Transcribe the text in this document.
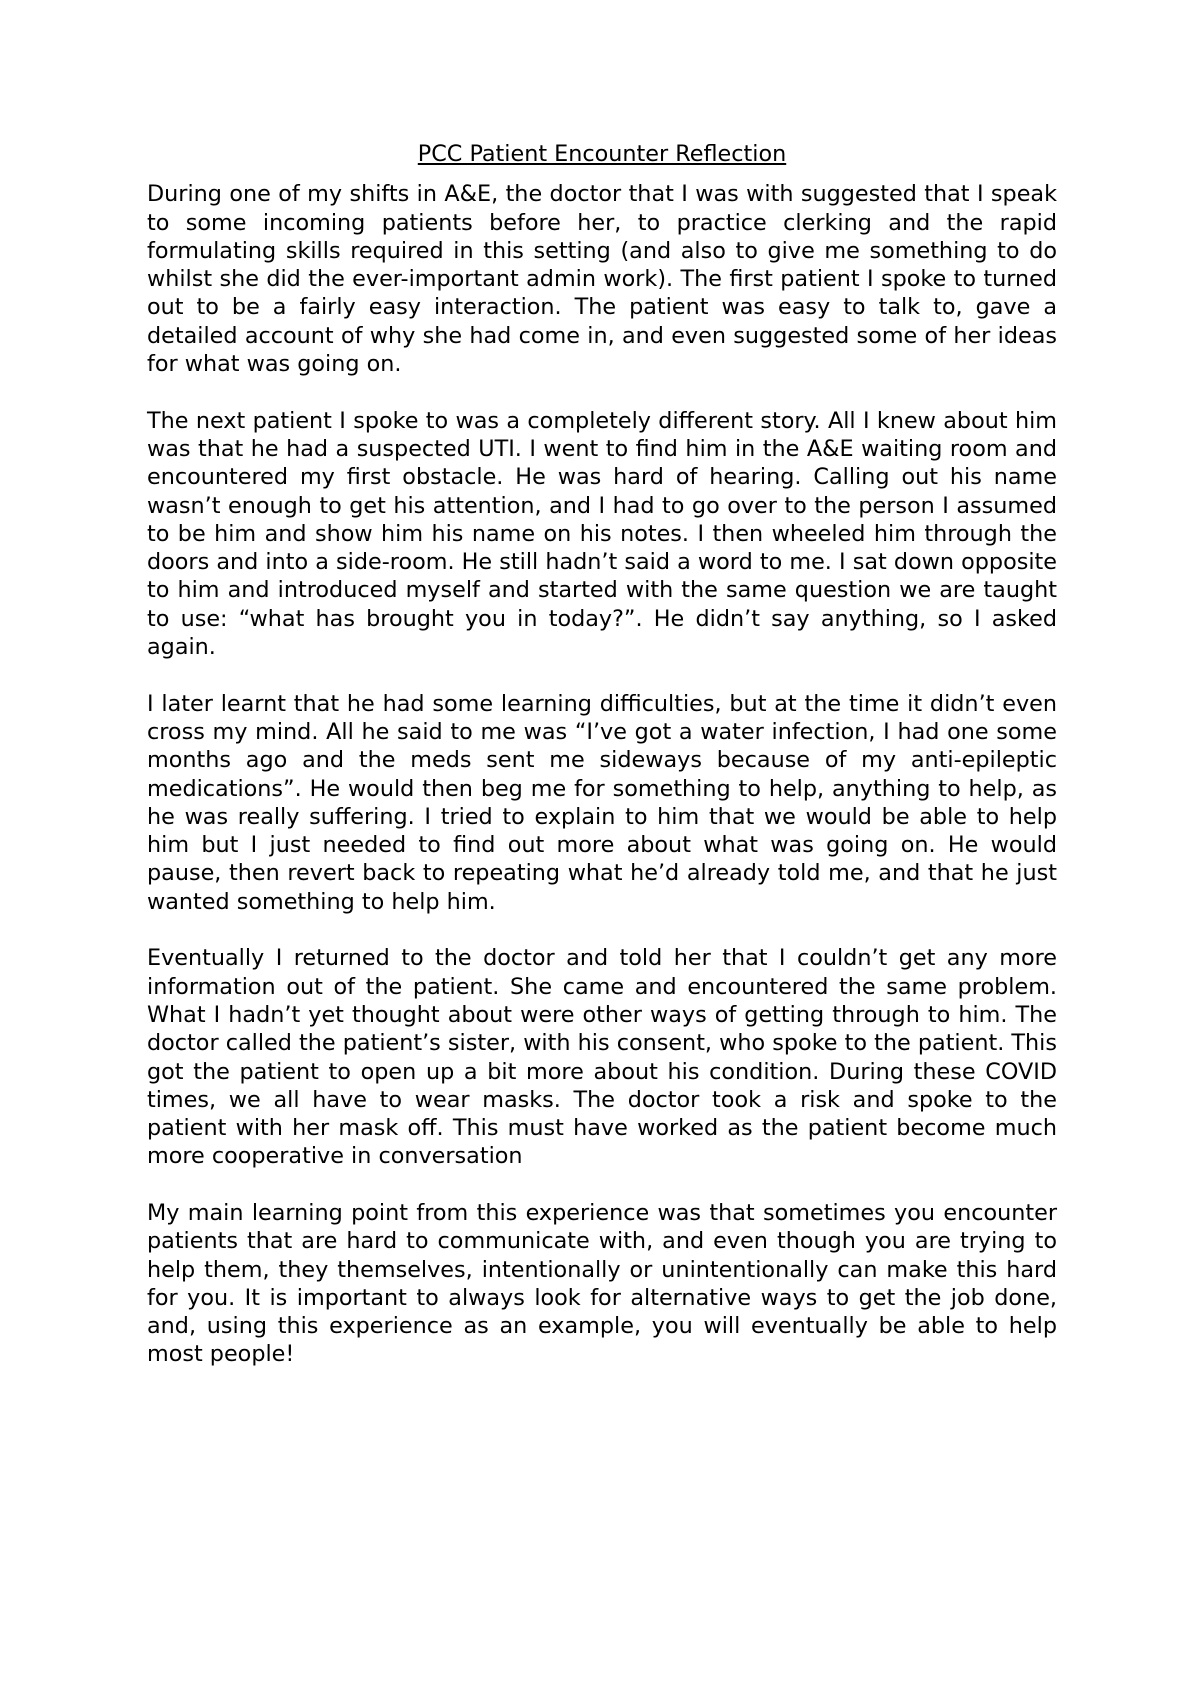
PCC Patient Encounter Reflection

During one of my shifts in A&E, the doctor that I was with suggested that I speak to some incoming patients before her, to practice clerking and the rapid formulating skills required in this setting (and also to give me something to do whilst she did the ever-important admin work). The first patient I spoke to turned out to be a fairly easy interaction. The patient was easy to talk to, gave a detailed account of why she had come in, and even suggested some of her ideas for what was going on.

The next patient I spoke to was a completely different story. All I knew about him was that he had a suspected UTI. I went to find him in the A&E waiting room and encountered my first obstacle. He was hard of hearing. Calling out his name wasn’t enough to get his attention, and I had to go over to the person I assumed to be him and show him his name on his notes. I then wheeled him through the doors and into a side-room. He still hadn’t said a word to me. I sat down opposite to him and introduced myself and started with the same question we are taught to use: “what has brought you in today?”. He didn’t say anything, so I asked again.

I later learnt that he had some learning difficulties, but at the time it didn’t even cross my mind. All he said to me was “I’ve got a water infection, I had one some months ago and the meds sent me sideways because of my anti-epileptic medications”. He would then beg me for something to help, anything to help, as he was really suffering. I tried to explain to him that we would be able to help him but I just needed to find out more about what was going on. He would pause, then revert back to repeating what he’d already told me, and that he just wanted something to help him.

Eventually I returned to the doctor and told her that I couldn’t get any more information out of the patient. She came and encountered the same problem. What I hadn’t yet thought about were other ways of getting through to him. The doctor called the patient’s sister, with his consent, who spoke to the patient. This got the patient to open up a bit more about his condition. During these COVID times, we all have to wear masks. The doctor took a risk and spoke to the patient with her mask off. This must have worked as the patient become much more cooperative in conversation

My main learning point from this experience was that sometimes you encounter patients that are hard to communicate with, and even though you are trying to help them, they themselves, intentionally or unintentionally can make this hard for you. It is important to always look for alternative ways to get the job done, and, using this experience as an example, you will eventually be able to help most people!
